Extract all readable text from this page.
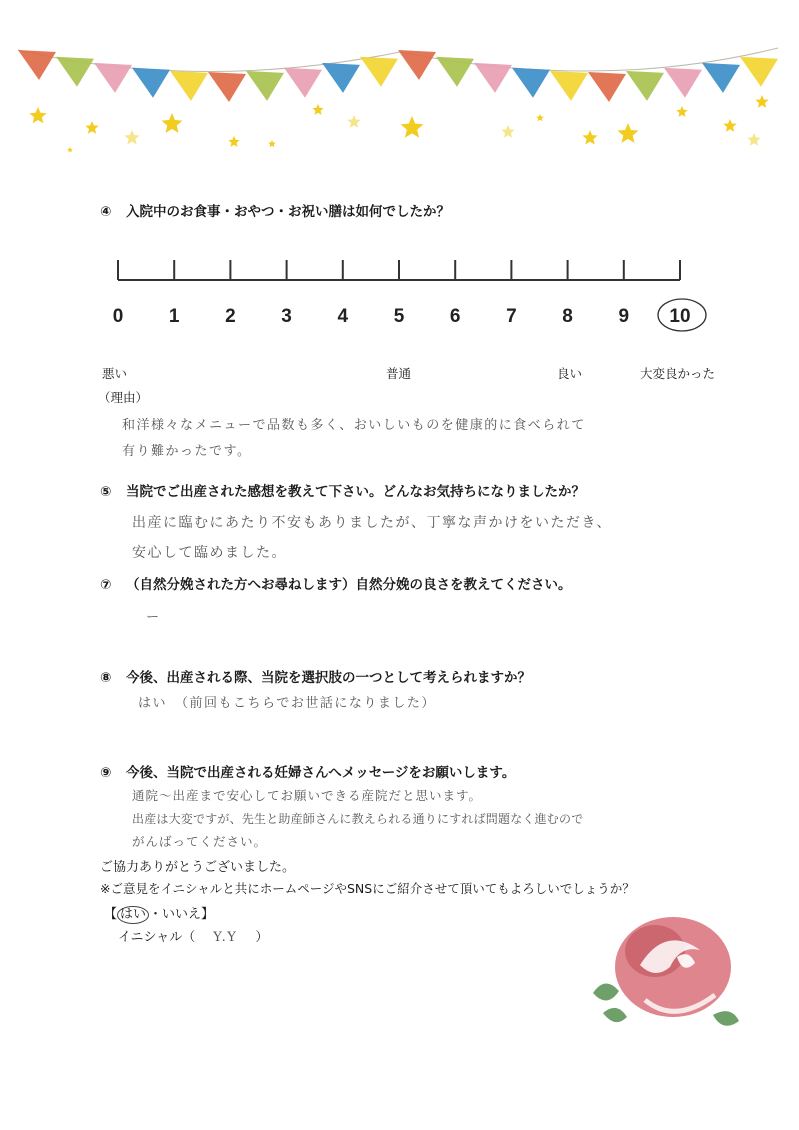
④ 入院中のお食事・おやつ・お祝い膳は如何でしたか？
0 1 2 3 4 5 6 7 8 9 10
悪い	普通	良い	大変良かった
（理由）
和洋様々なメニューで品数も多く、おいしいものを健康的に食べられて
有り難かったです。
⑤ 当院でご出産された感想を教えて下さい。どんなお気持ちになりましたか？
出産に臨むにあたり不安もありましたが、丁寧な声かけをいただき、
安心して臨めました。
⑦ （自然分娩された方へお尋ねします）自然分娩の良さを教えてください。
ー
⑧ 今後、出産される際、当院を選択肢の一つとして考えられますか？
はい　（前回もこちらでお世話になりました）
⑨ 今後、当院で出産される妊婦さんへメッセージをお願いします。
通院〜出産まで安心してお願いできる産院だと思います。
出産は大変ですが、先生と助産師さんに教えられる通りにすれば問題なく進むので
がんばってください。
ご協力ありがとうございました。
※ご意見をイニシャルと共にホームページやSNSにご紹介させて頂いてもよろしいでしょうか？
【 はい ・いいえ】
イニシャル（ Y.Y ）
